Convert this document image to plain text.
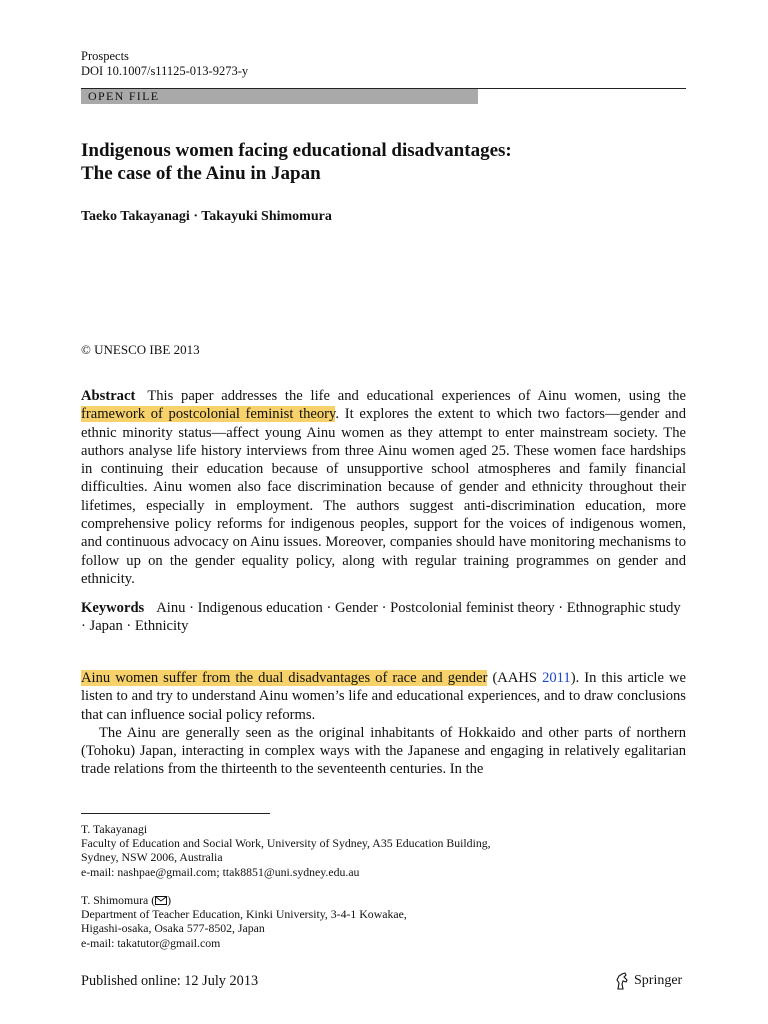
Prospects
DOI 10.1007/s11125-013-9273-y
OPEN FILE
Indigenous women facing educational disadvantages:
The case of the Ainu in Japan
Taeko Takayanagi · Takayuki Shimomura
© UNESCO IBE 2013
Abstract This paper addresses the life and educational experiences of Ainu women, using the framework of postcolonial feminist theory. It explores the extent to which two factors—gender and ethnic minority status—affect young Ainu women as they attempt to enter mainstream society. The authors analyse life history interviews from three Ainu women aged 25. These women face hardships in continuing their education because of unsupportive school atmospheres and family financial difficulties. Ainu women also face discrimination because of gender and ethnicity throughout their lifetimes, especially in employment. The authors suggest anti-discrimination education, more comprehensive policy reforms for indigenous peoples, support for the voices of indigenous women, and continuous advocacy on Ainu issues. Moreover, companies should have monitoring mechanisms to follow up on the gender equality policy, along with regular training programmes on gender and ethnicity.
Keywords Ainu · Indigenous education · Gender · Postcolonial feminist theory · Ethnographic study · Japan · Ethnicity

Ainu women suffer from the dual disadvantages of race and gender (AAHS 2011). In this article we listen to and try to understand Ainu women’s life and educational experiences, and to draw conclusions that can influence social policy reforms.

The Ainu are generally seen as the original inhabitants of Hokkaido and other parts of northern (Tohoku) Japan, interacting in complex ways with the Japanese and engaging in relatively egalitarian trade relations from the thirteenth to the seventeenth centuries. In the

T. Takayanagi
Faculty of Education and Social Work, University of Sydney, A35 Education Building,
Sydney, NSW 2006, Australia
e-mail: nashpae@gmail.com; ttak8851@uni.sydney.edu.au
T. Shimomura ( )
Department of Teacher Education, Kinki University, 3-4-1 Kowakae,
Higashi-osaka, Osaka 577-8502, Japan
e-mail: takatutor@gmail.com
Published online: 12 July 2013	Springer
